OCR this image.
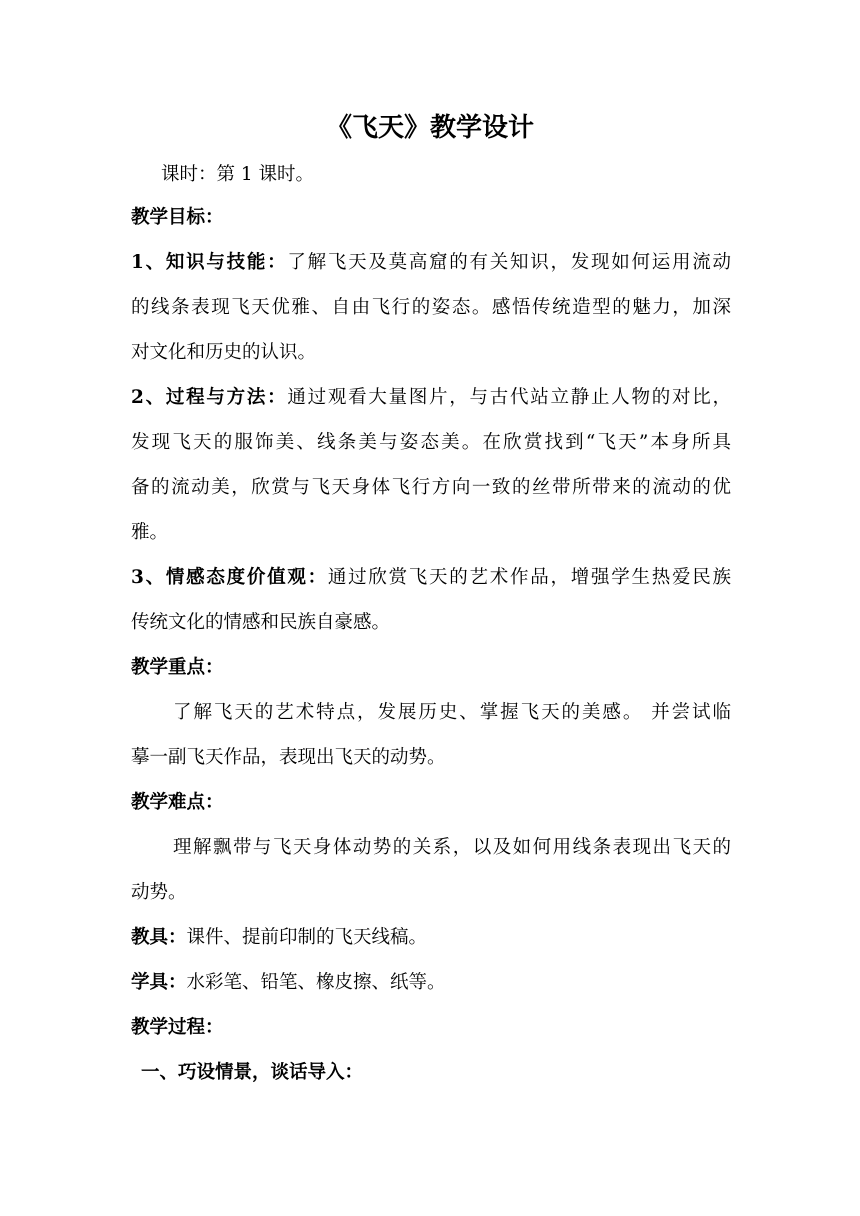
《飞天》教学设计
课时：第 1 课时。
教学目标：
1、知识与技能：了解飞天及莫高窟的有关知识，发现如何运用流动
的线条表现飞天优雅、自由飞行的姿态。感悟传统造型的魅力，加深
对文化和历史的认识。
2、过程与方法：通过观看大量图片，与古代站立静止人物的对比，
发现飞天的服饰美、线条美与姿态美。在欣赏找到“飞天”本身所具
备的流动美，欣赏与飞天身体飞行方向一致的丝带所带来的流动的优
雅。
3、情感态度价值观：通过欣赏飞天的艺术作品，增强学生热爱民族
传统文化的情感和民族自豪感。
教学重点：
了解飞天的艺术特点，发展历史、掌握飞天的美感。 并尝试临
摹一副飞天作品，表现出飞天的动势。
教学难点：
理解飘带与飞天身体动势的关系，以及如何用线条表现出飞天的
动势。
教具：课件、提前印制的飞天线稿。
学具：水彩笔、铅笔、橡皮擦、纸等。
教学过程：
一、巧设情景，谈话导入：
